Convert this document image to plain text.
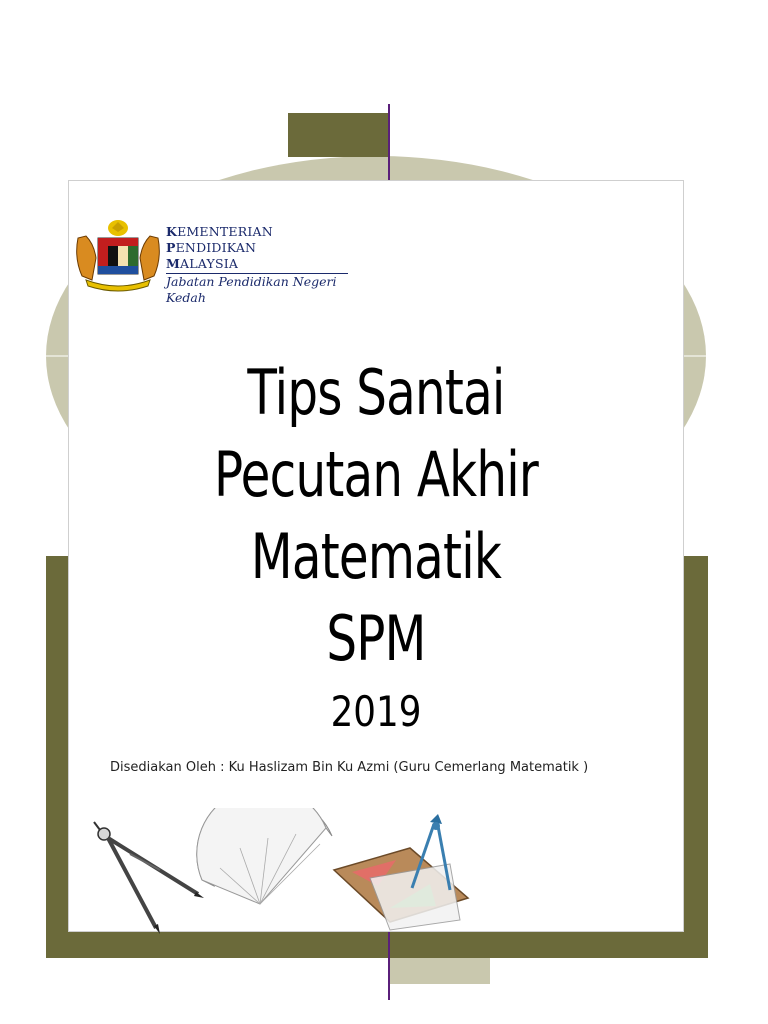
KEMENTERIAN
PENDIDIKAN
MALAYSIA
Jabatan Pendidikan Negeri Kedah
Tips Santai
Pecutan Akhir
Matematik
SPM
2019
Disediakan Oleh : Ku Haslizam Bin Ku Azmi (Guru Cemerlang Matematik )
